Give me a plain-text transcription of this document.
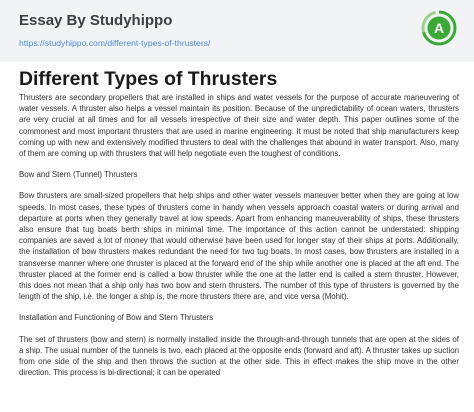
Essay By Studyhippo
https://studyhippo.com/different-types-of-thrusters/
A
Different Types of Thrusters

Thrusters are secondary propellers that are installed in ships and water vessels for the purpose of accurate maneuvering of water vessels. A thruster also helps a vessel maintain its position. Because of the unpredictability of ocean waters, thrusters are very crucial at all times and for all vessels irrespective of their size and water depth. This paper outlines some of the commonest and most important thrusters that are used in marine engineering. It must be noted that ship manufacturers keep coming up with new and extensively modified thrusters to deal with the challenges that abound in water transport. Also, many of them are coming up with thrusters that will help negotiate even the toughest of conditions.

Bow and Stern (Tunnel) Thrusters

Bow thrusters are small-sized propellers that help ships and other water vessels maneuver better when they are going at low speeds. In most cases, these types of thrusters come in handy when vessels approach coastal waters or during arrival and departure at ports when they generally travel at low speeds. Apart from enhancing maneuverability of ships, these thrusters also ensure that tug boats berth ships in minimal time. The importance of this action cannot be understated: shipping companies are saved a lot of money that would otherwise have been used for longer stay of their ships at ports. Additionally, the installation of bow thrusters makes redundant the need for two tug boats. In most cases, bow thrusters are installed in a transverse manner where one thruster is placed at the forward end of the ship while another one is placed at the aft end. The thruster placed at the former end is called a bow thruster while the one at the latter end is called a stern thruster. However, this does not mean that a ship only has two bow and stern thrusters. The number of this type of thrusters is governed by the length of the ship, i.e. the longer a ship is, the more thrusters there are, and vice versa (Mohit).

Installation and Functioning of Bow and Stern Thrusters

The set of thrusters (bow and stern) is normally installed inside the through-and-through tunnels that are open at the sides of a ship. The usual number of the tunnels is two, each placed at the opposite ends (forward and aft). A thruster takes up suction from one side of the ship and then throws the suction at the other side. This in effect makes the ship move in the other direction. This process is bi-directional; it can be operated
